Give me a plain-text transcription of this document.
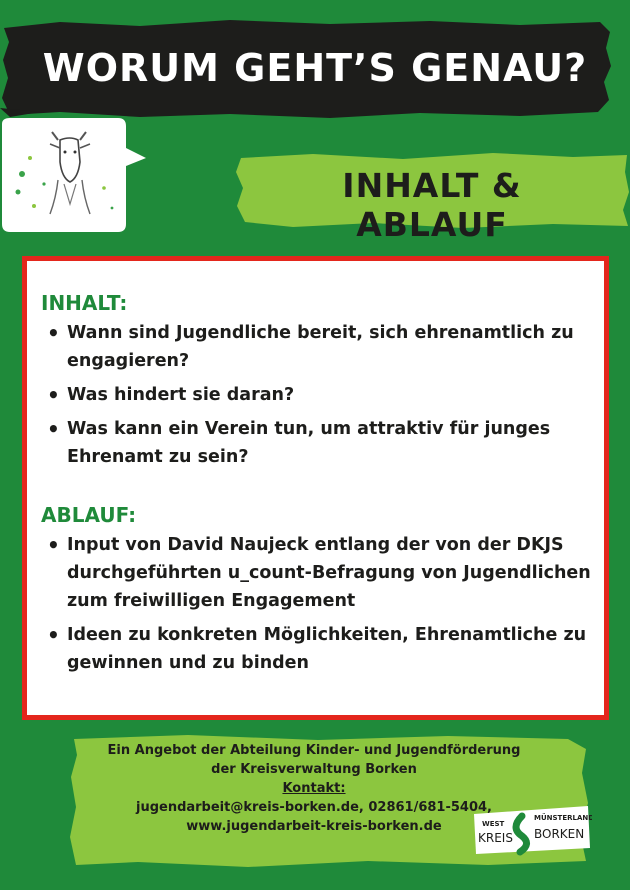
WORUM GEHT’S GENAU?
INHALT & ABLAUF
INHALT:
• Wann sind Jugendliche bereit, sich ehrenamtlich zu engagieren?
• Was hindert sie daran?
• Was kann ein Verein tun, um attraktiv für junges Ehrenamt zu sein?
ABLAUF:
• Input von David Naujeck entlang der von der DKJS durchgeführten u_count-Befragung von Jugendlichen zum freiwilligen Engagement
• Ideen zu konkreten Möglichkeiten, Ehrenamtliche zu gewinnen und zu binden
Ein Angebot der Abteilung Kinder- und Jugendförderung
der Kreisverwaltung Borken
Kontakt:
jugendarbeit@kreis-borken.de, 02861/681-5404,
www.jugendarbeit-kreis-borken.de	WEST
MÜNSTERLAND
KREIS BORKEN
